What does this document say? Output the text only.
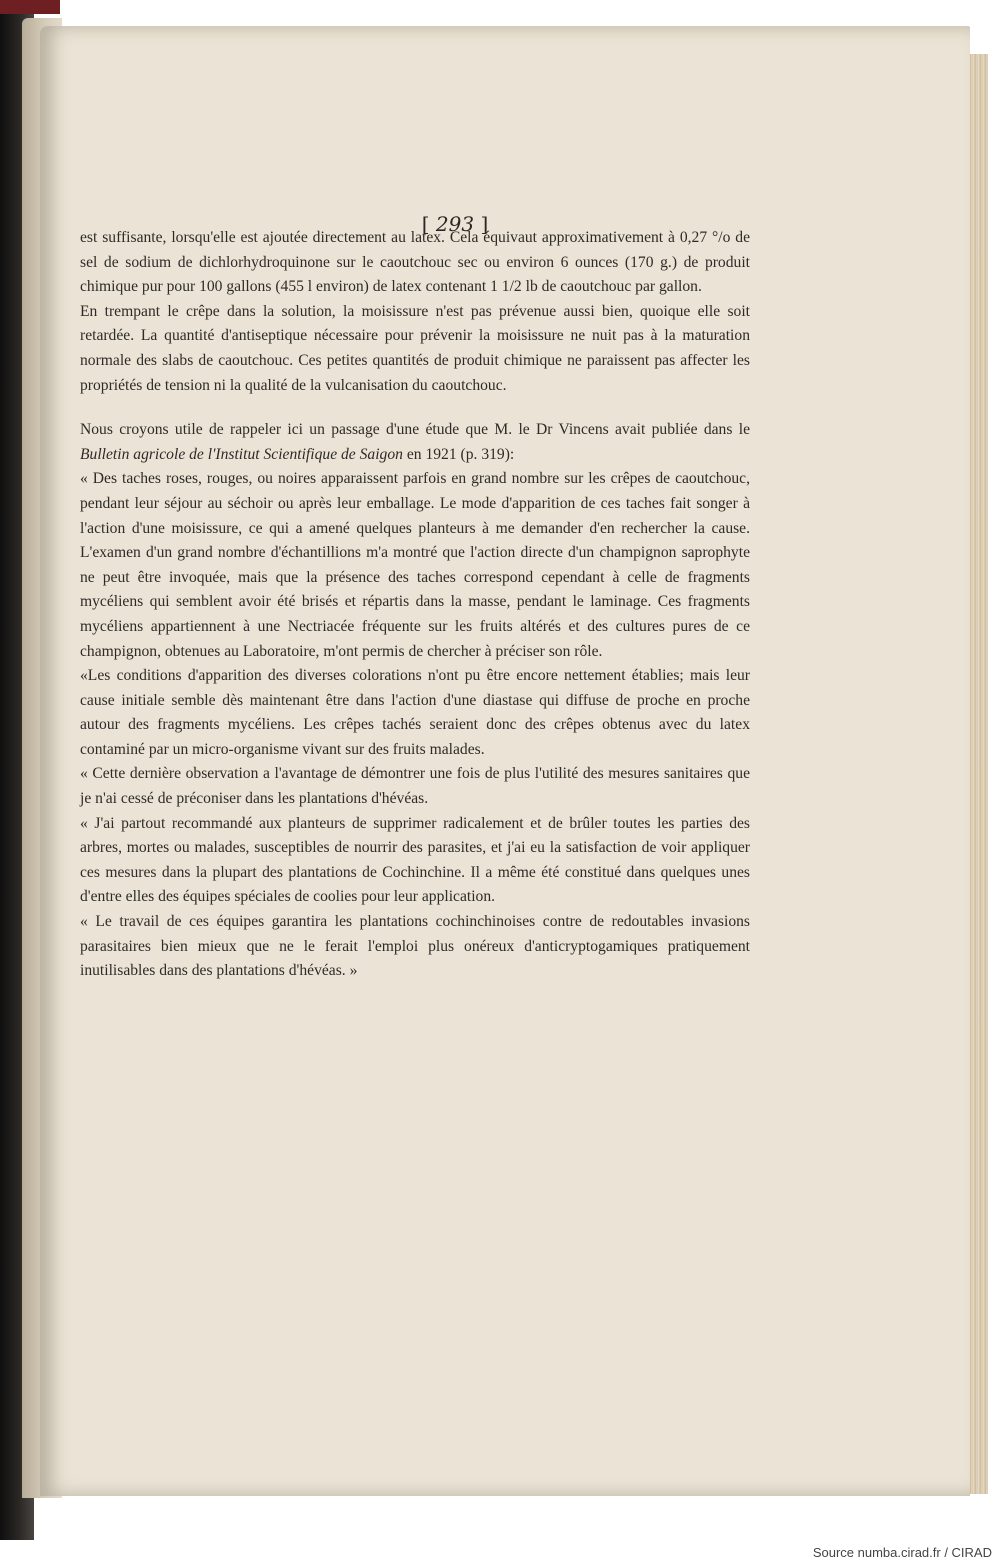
[ 293 ]

est suffisante, lorsqu'elle est ajoutée directement au latex. Cela équivaut approximativement à 0,27 °/o de sel de sodium de dichlorhydroquinone sur le caoutchouc sec ou environ 6 ounces (170 g.) de produit chimique pur pour 100 gallons (455 l environ) de latex contenant 1 1/2 lb de caoutchouc par gallon.

En trempant le crêpe dans la solution, la moisissure n'est pas prévenue aussi bien, quoique elle soit retardée. La quantité d'antiseptique nécessaire pour prévenir la moisissure ne nuit pas à la maturation normale des slabs de caoutchouc. Ces petites quantités de produit chimique ne paraissent pas affecter les propriétés de tension ni la qualité de la vulcanisation du caoutchouc.

Nous croyons utile de rappeler ici un passage d'une étude que M. le Dr Vincens avait publiée dans le Bulletin agricole de l'Institut Scientifique de Saigon en 1921 (p. 319):

« Des taches roses, rouges, ou noires apparaissent parfois en grand nombre sur les crêpes de caoutchouc, pendant leur séjour au séchoir ou après leur emballage. Le mode d'apparition de ces taches fait songer à l'action d'une moisissure, ce qui a amené quelques planteurs à me demander d'en rechercher la cause. L'examen d'un grand nombre d'échantillions m'a montré que l'action directe d'un champignon saprophyte ne peut être invoquée, mais que la présence des taches correspond cependant à celle de fragments mycéliens qui semblent avoir été brisés et répartis dans la masse, pendant le laminage. Ces fragments mycéliens appartiennent à une Nectriacée fréquente sur les fruits altérés et des cultures pures de ce champignon, obtenues au Laboratoire, m'ont permis de chercher à préciser son rôle.

«Les conditions d'apparition des diverses colorations n'ont pu être encore nettement établies; mais leur cause initiale semble dès maintenant être dans l'action d'une diastase qui diffuse de proche en proche autour des fragments mycéliens. Les crêpes tachés seraient donc des crêpes obtenus avec du latex contaminé par un micro-organisme vivant sur des fruits malades.

« Cette dernière observation a l'avantage de démontrer une fois de plus l'utilité des mesures sanitaires que je n'ai cessé de préconiser dans les plantations d'hévéas.

« J'ai partout recommandé aux planteurs de supprimer radicalement et de brûler toutes les parties des arbres, mortes ou malades, susceptibles de nourrir des parasites, et j'ai eu la satisfaction de voir appliquer ces mesures dans la plupart des plantations de Cochinchine. Il a même été constitué dans quelques unes d'entre elles des équipes spéciales de coolies pour leur application.

« Le travail de ces équipes garantira les plantations cochinchinoises contre de redoutables invasions parasitaires bien mieux que ne le ferait l'emploi plus onéreux d'anticryptogamiques pratiquement inutilisables dans des plantations d'hévéas. »

Source numba.cirad.fr / CIRAD
